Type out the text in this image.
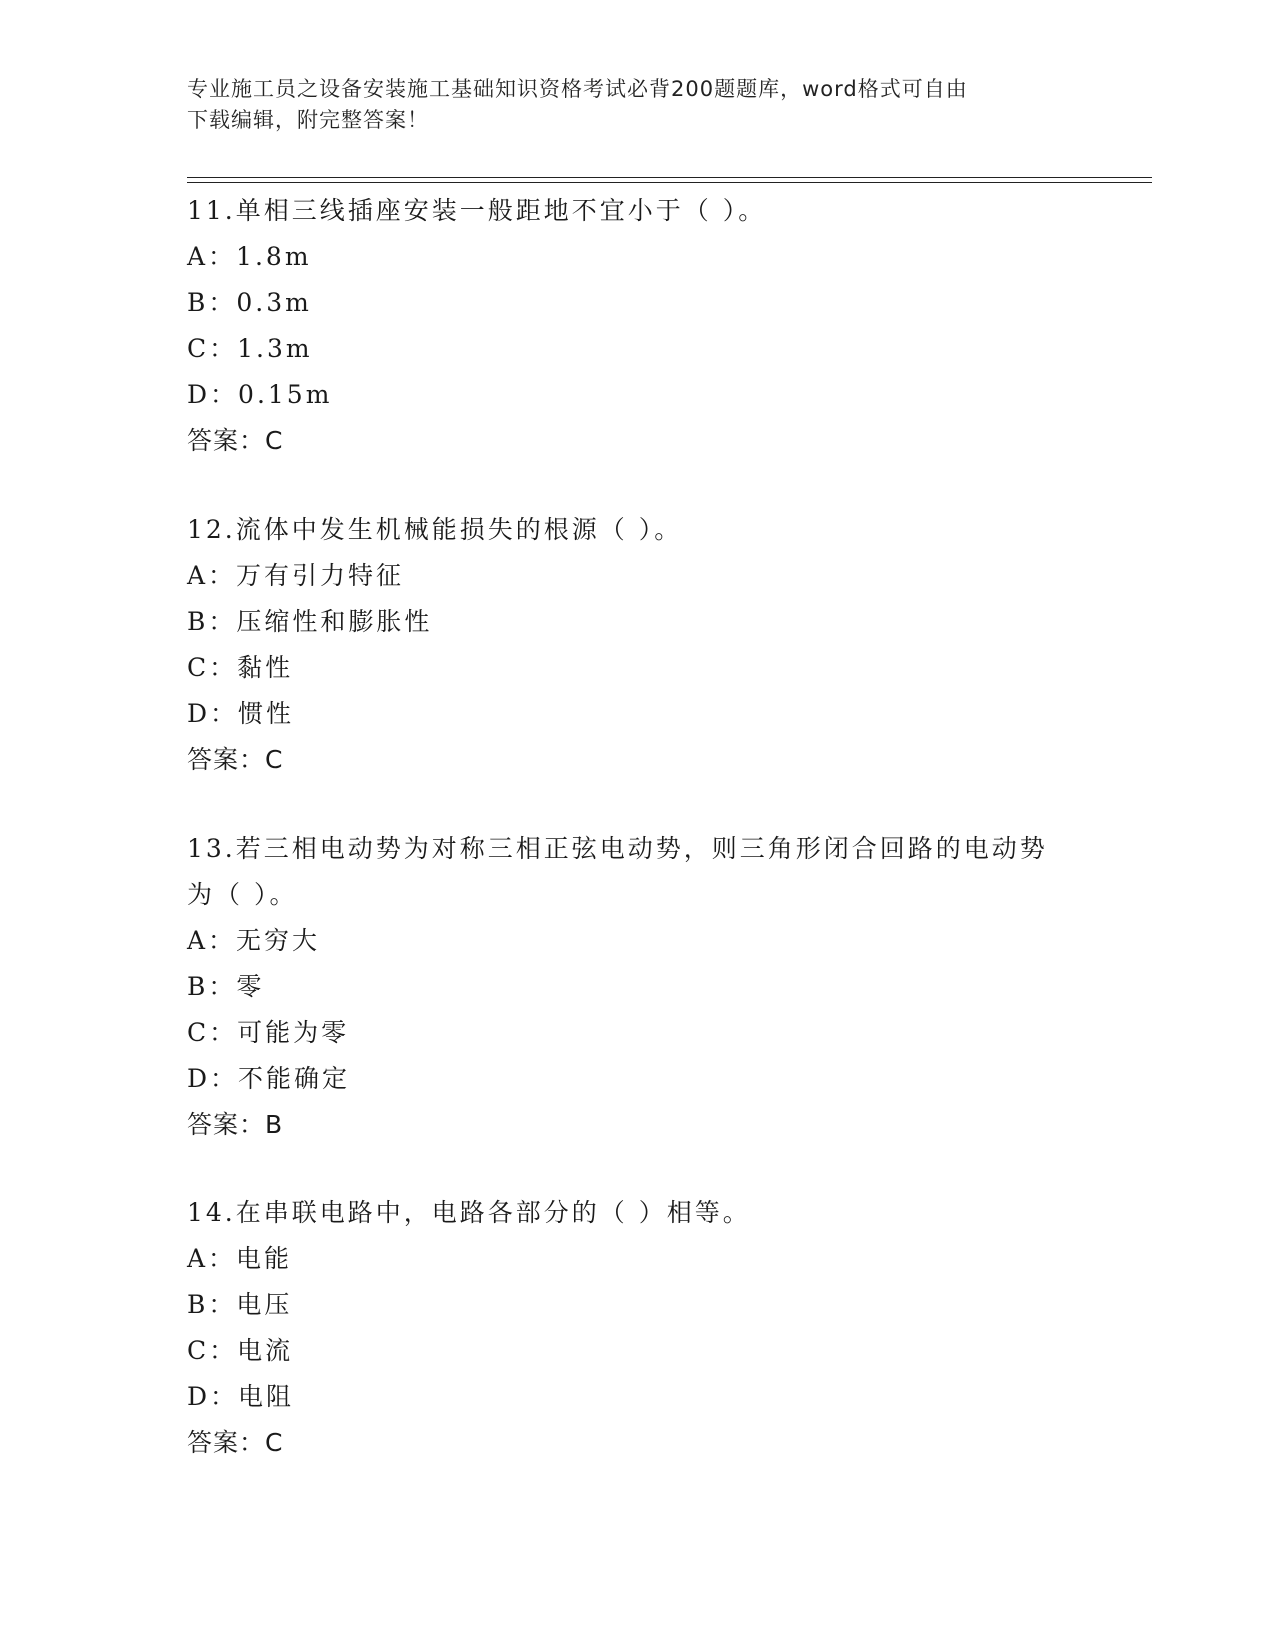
专业施工员之设备安装施工基础知识资格考试必背200题题库，word格式可自由
下载编辑，附完整答案！

11.单相三线插座安装一般距地不宜小于（ ）。

A：1.8m

B：0.3m

C：1.3m

D：0.15m

答案：C

12.流体中发生机械能损失的根源（ ）。

A：万有引力特征

B：压缩性和膨胀性

C：黏性

D：惯性

答案：C

13.若三相电动势为对称三相正弦电动势，则三角形闭合回路的电动势

为（ ）。

A：无穷大

B：零

C：可能为零

D：不能确定

答案：B

14.在串联电路中，电路各部分的（ ）相等。

A：电能

B：电压

C：电流

D：电阻

答案：C
